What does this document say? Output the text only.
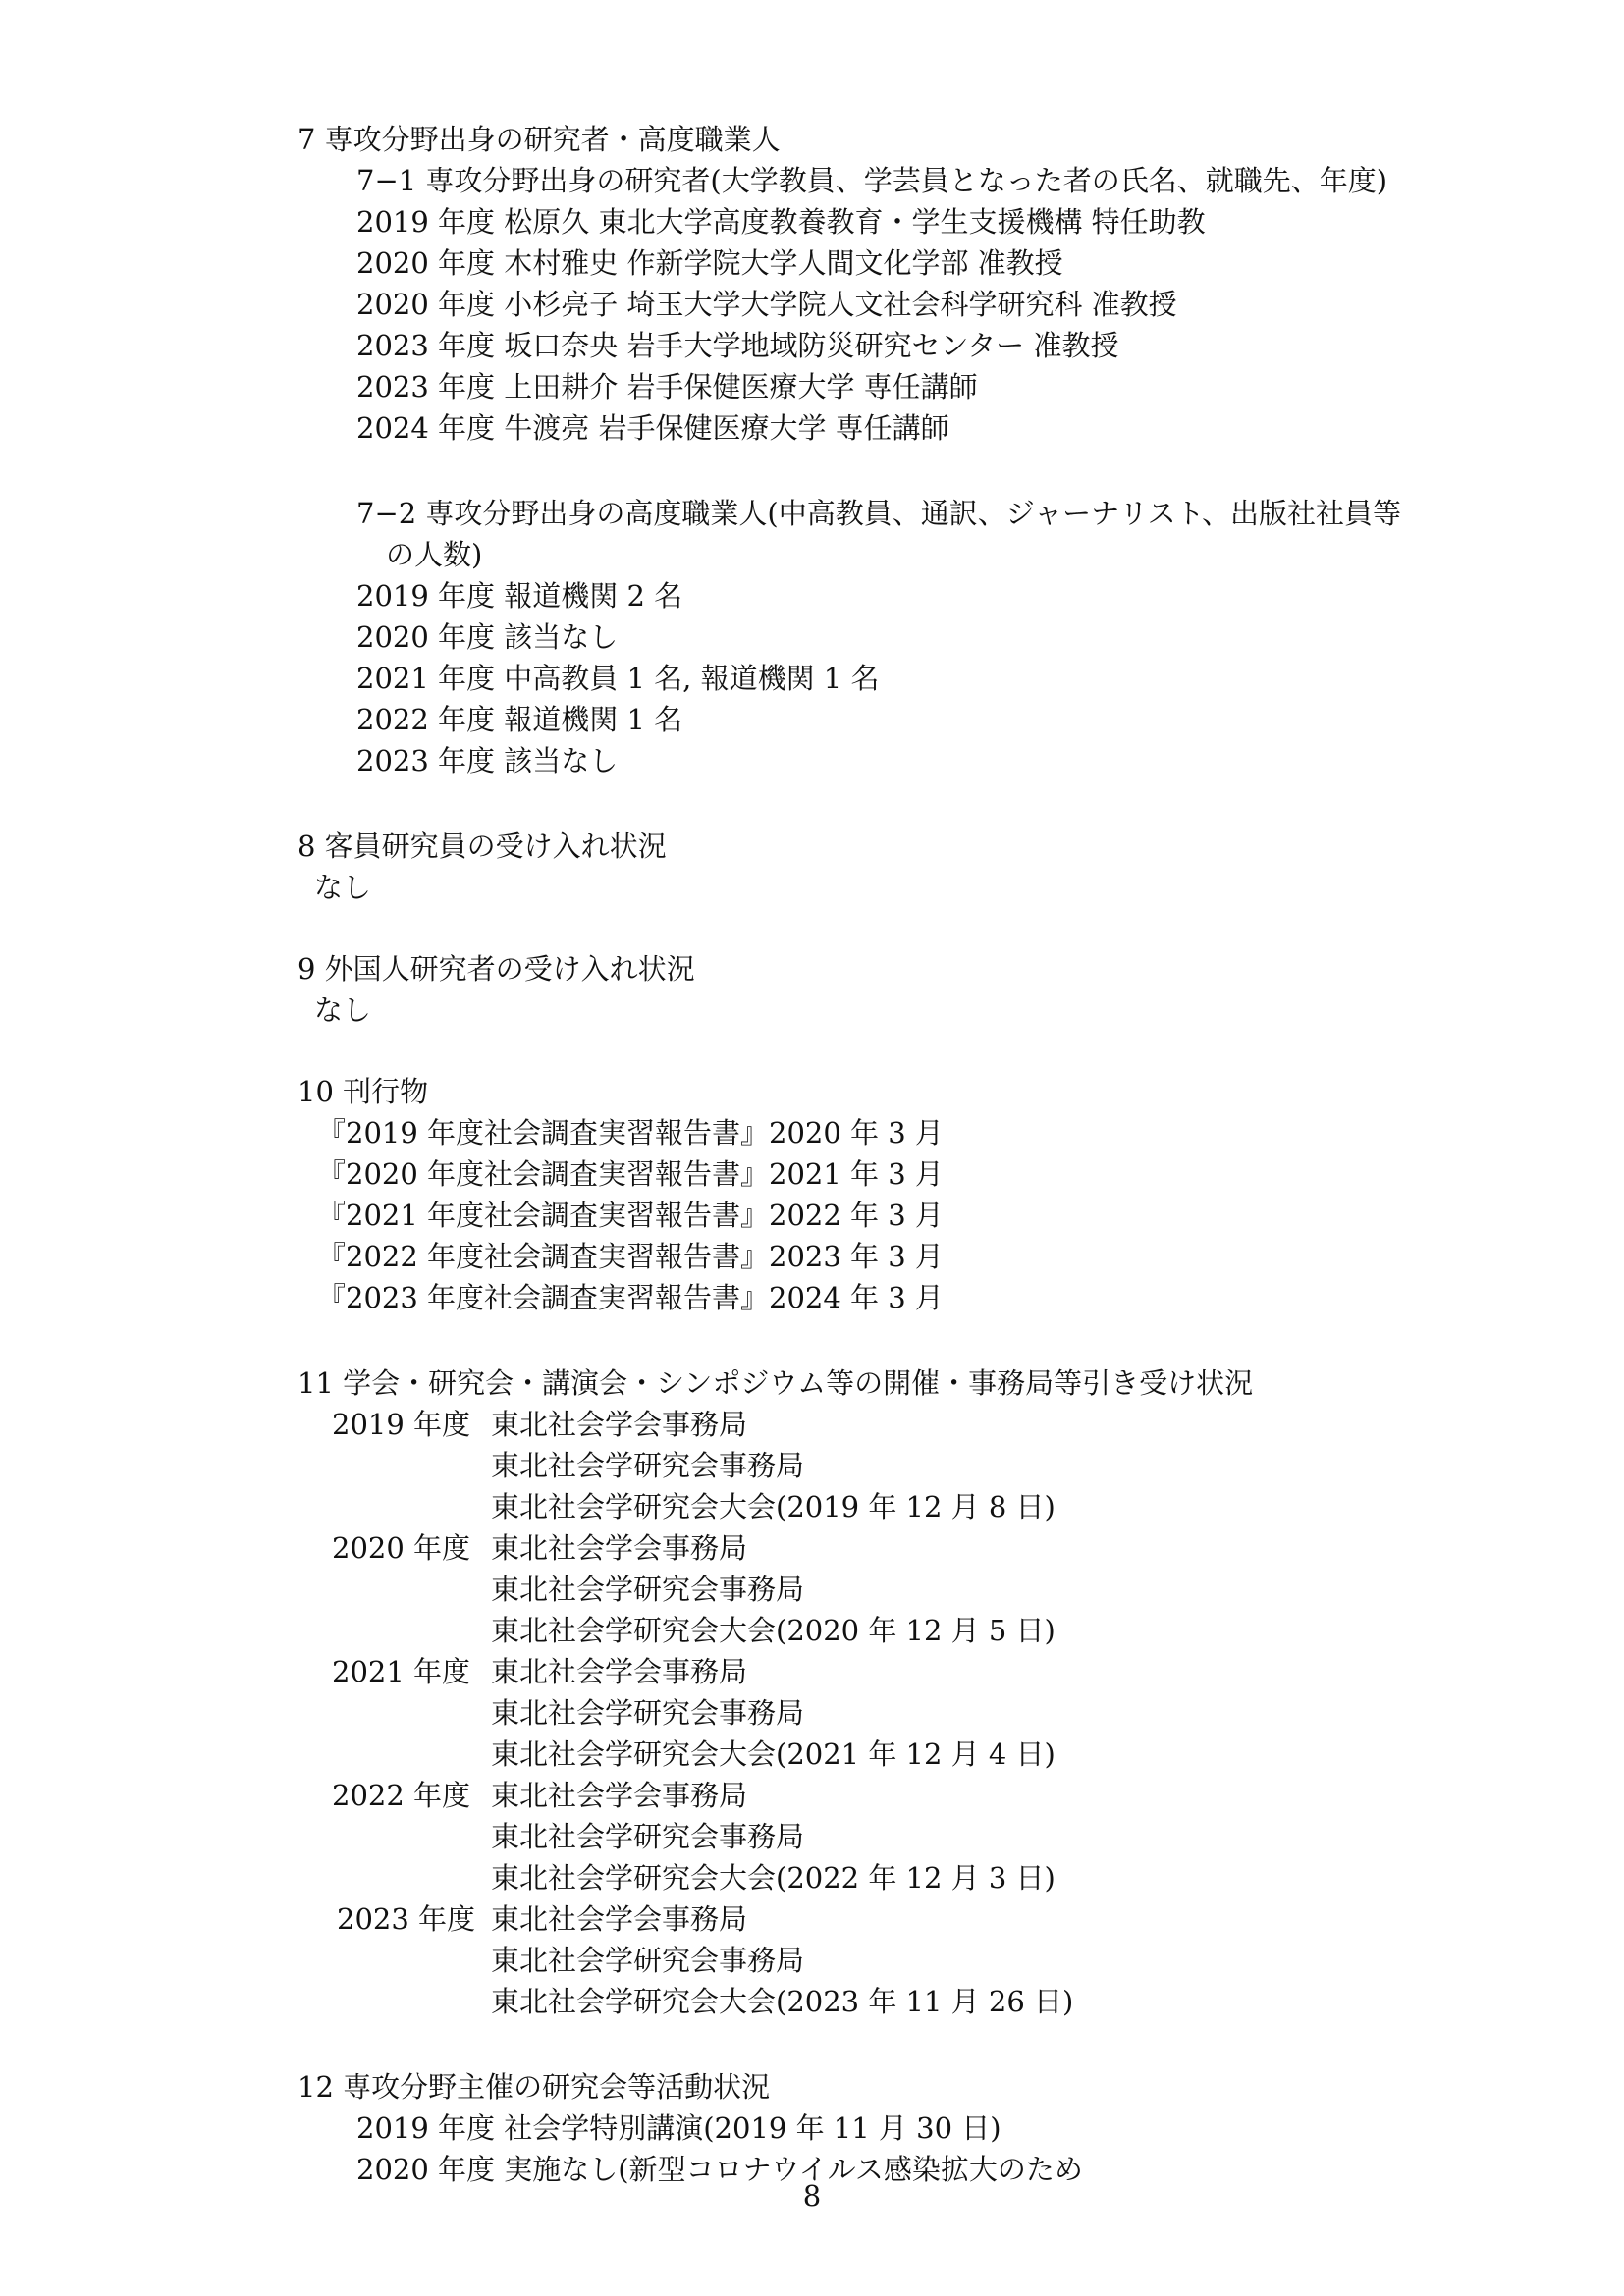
7 専攻分野出身の研究者・高度職業人
7−1 専攻分野出身の研究者(大学教員、学芸員となった者の氏名、就職先、年度)
2019 年度 松原久 東北大学高度教養教育・学生支援機構 特任助教
2020 年度 木村雅史 作新学院大学人間文化学部 准教授
2020 年度 小杉亮子 埼玉大学大学院人文社会科学研究科 准教授
2023 年度 坂口奈央 岩手大学地域防災研究センター 准教授
2023 年度 上田耕介 岩手保健医療大学 専任講師
2024 年度 牛渡亮 岩手保健医療大学 専任講師
7−2 専攻分野出身の高度職業人(中高教員、通訳、ジャーナリスト、出版社社員等
の人数)
2019 年度 報道機関 2 名
2020 年度 該当なし
2021 年度 中高教員 1 名, 報道機関 1 名
2022 年度 報道機関 1 名
2023 年度 該当なし
8 客員研究員の受け入れ状況
なし
9 外国人研究者の受け入れ状況
なし
10 刊行物
『2019 年度社会調査実習報告書』2020 年 3 月
『2020 年度社会調査実習報告書』2021 年 3 月
『2021 年度社会調査実習報告書』2022 年 3 月
『2022 年度社会調査実習報告書』2023 年 3 月
『2023 年度社会調査実習報告書』2024 年 3 月
11 学会・研究会・講演会・シンポジウム等の開催・事務局等引き受け状況
2019 年度 東北社会学会事務局
東北社会学研究会事務局
東北社会学研究会大会(2019 年 12 月 8 日)
2020 年度 東北社会学会事務局
東北社会学研究会事務局
東北社会学研究会大会(2020 年 12 月 5 日)
2021 年度 東北社会学会事務局
東北社会学研究会事務局
東北社会学研究会大会(2021 年 12 月 4 日)
2022 年度 東北社会学会事務局
東北社会学研究会事務局
東北社会学研究会大会(2022 年 12 月 3 日)
2023 年度 東北社会学会事務局
東北社会学研究会事務局
東北社会学研究会大会(2023 年 11 月 26 日)
12 専攻分野主催の研究会等活動状況
2019 年度 社会学特別講演(2019 年 11 月 30 日)
2020 年度 実施なし(新型コロナウイルス感染拡大のため
8
